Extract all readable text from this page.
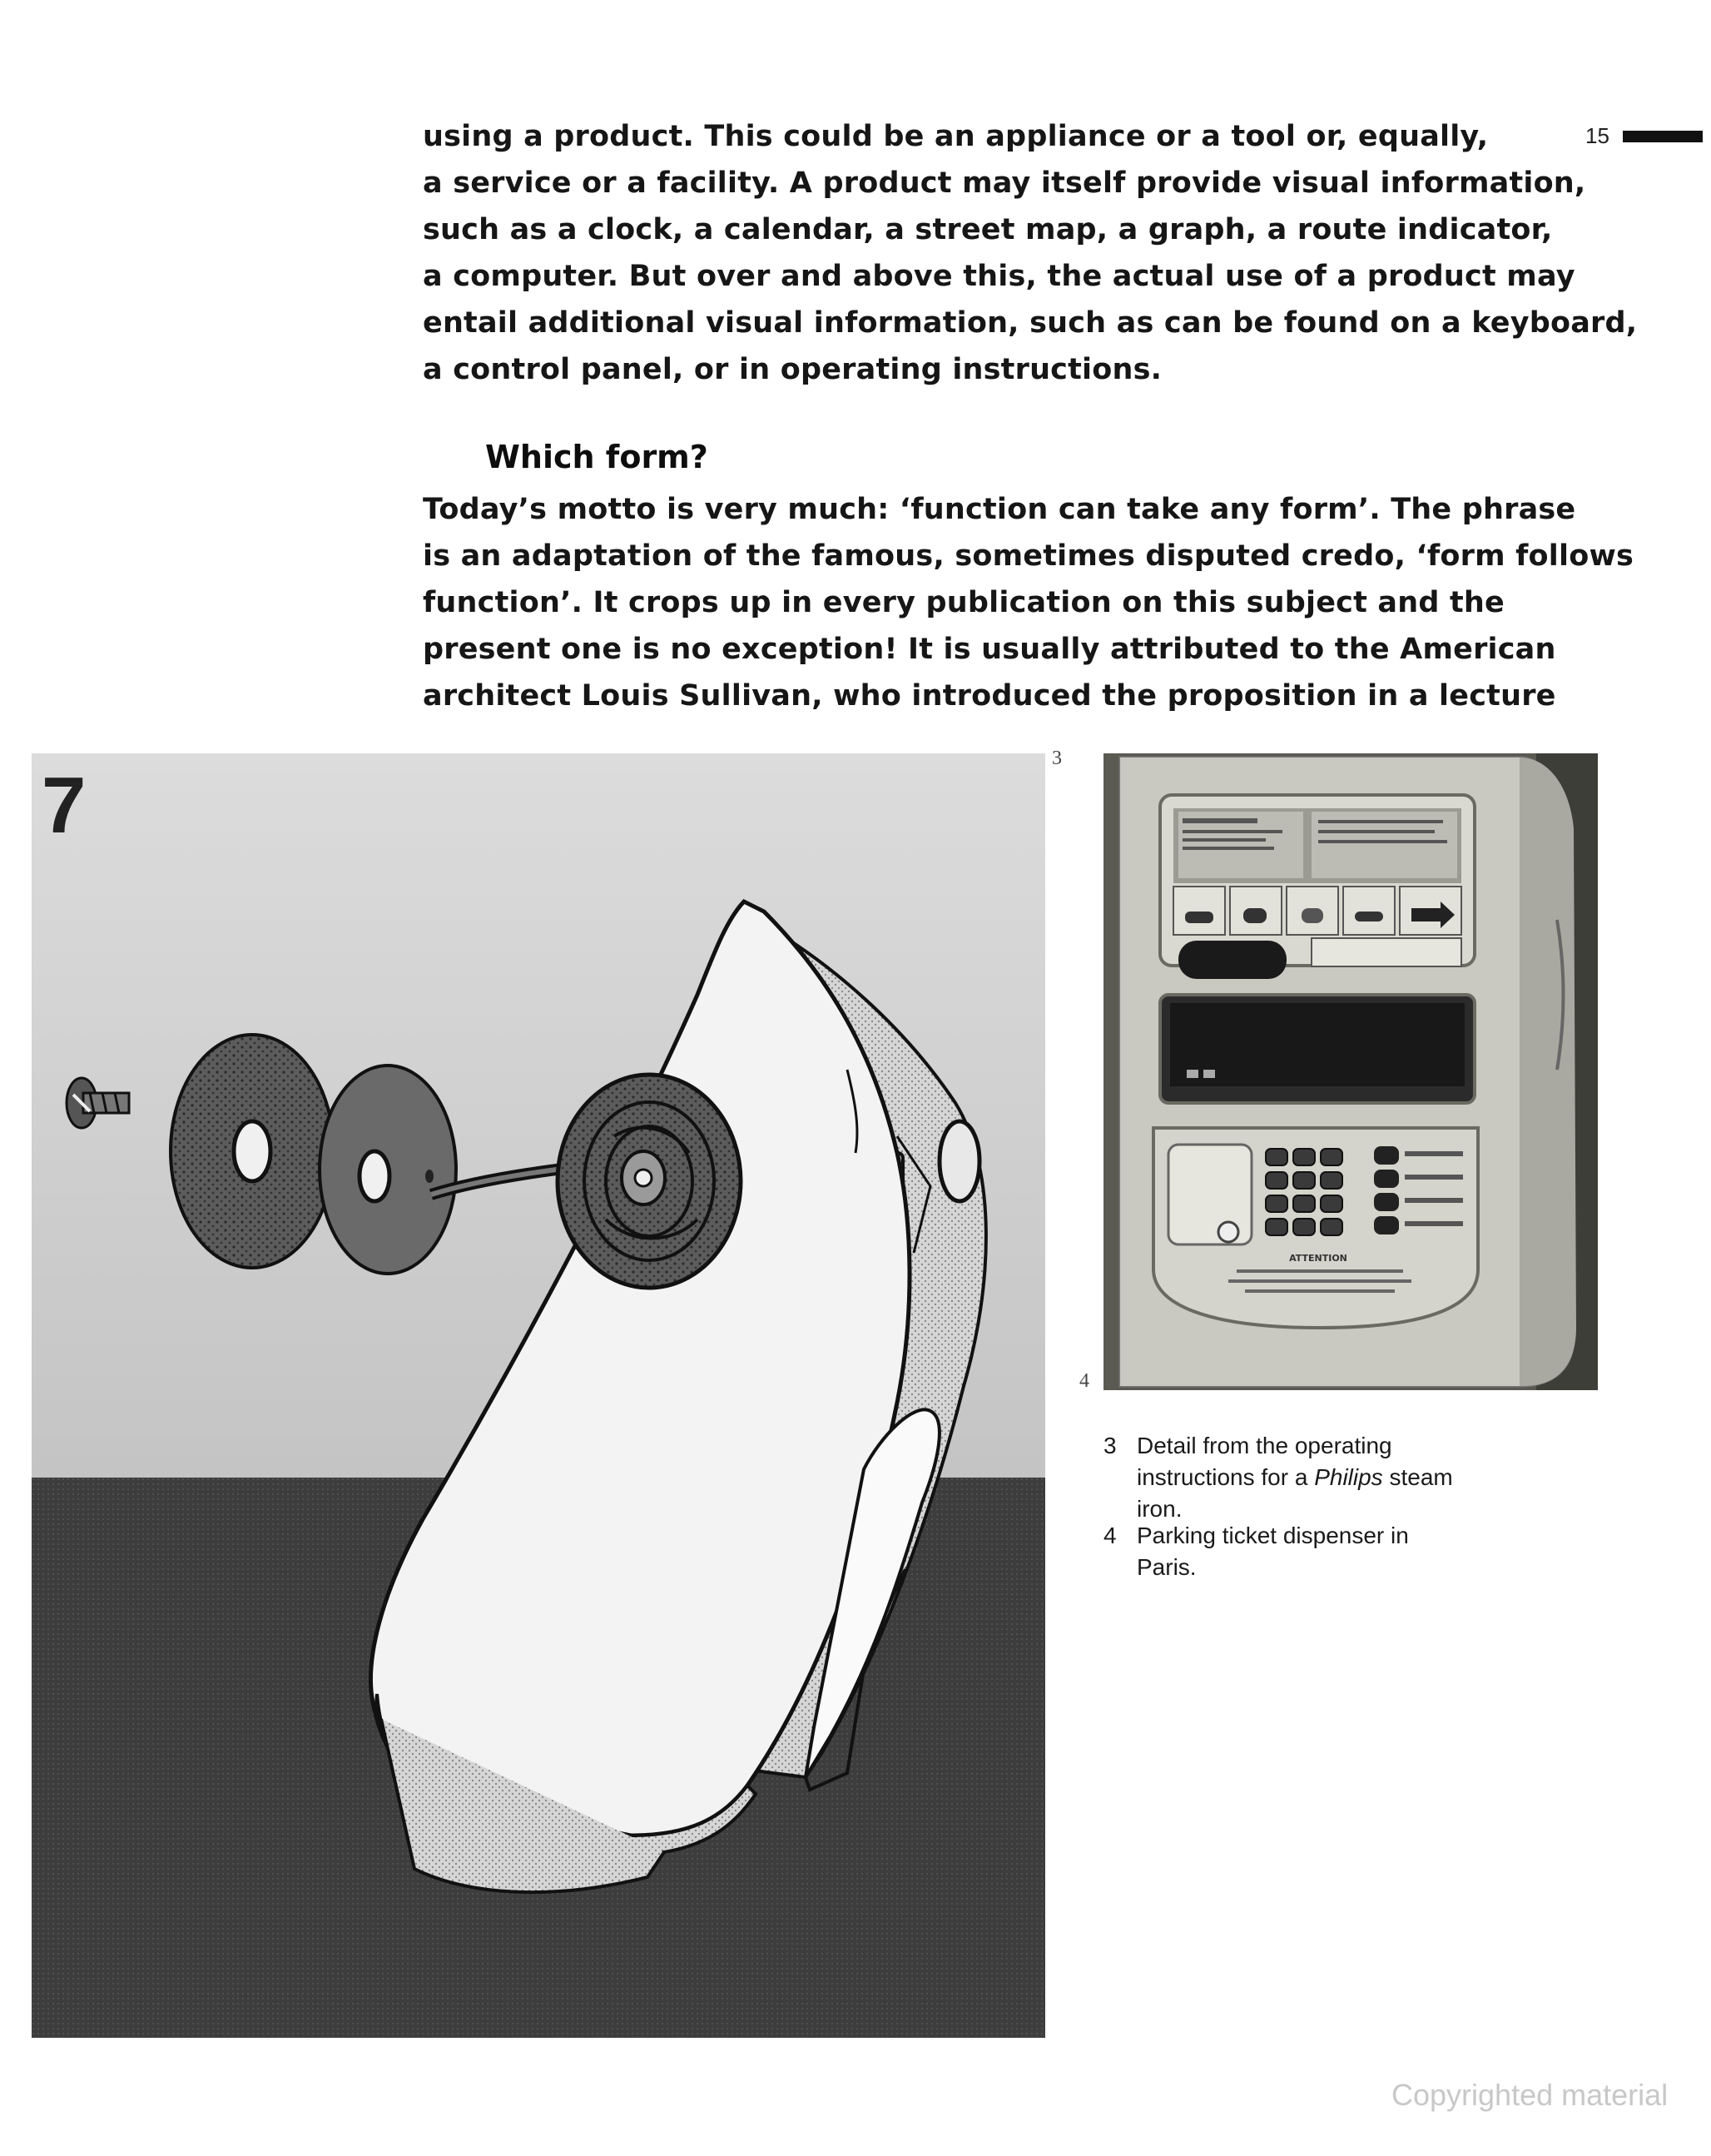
15
using a product. This could be an appliance or a tool or, equally,
a service or a facility. A product may itself provide visual information,
such as a clock, a calendar, a street map, a graph, a route indicator,
a computer. But over and above this, the actual use of a product may
entail additional visual information, such as can be found on a keyboard,
a control panel, or in operating instructions.
Which form?
Today’s motto is very much: ‘function can take any form’. The phrase
is an adaptation of the famous, sometimes disputed credo, ‘form follows
function’. It crops up in every publication on this subject and the
present one is no exception! It is usually attributed to the American
architect Louis Sullivan, who introduced the proposition in a lecture
7
ATTENTION
3
4
3 Detail from the operating instructions for a Philips steam iron.
4 Parking ticket dispenser in Paris.
Copyrighted material
